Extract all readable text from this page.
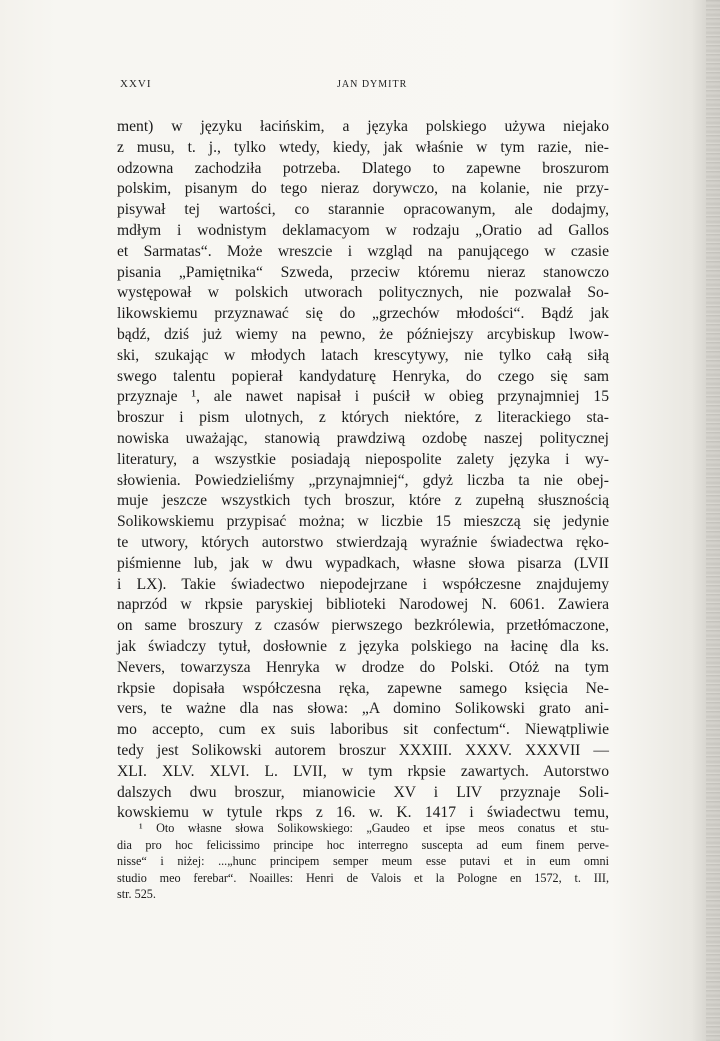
XXVI	JAN DYMITR
ment) w języku łacińskim, a języka polskiego używa niejako
z musu, t. j., tylko wtedy, kiedy, jak właśnie w tym razie, nie-
odzowna zachodziła potrzeba. Dlatego to zapewne broszurom
polskim, pisanym do tego nieraz dorywczo, na kolanie, nie przy-
pisywał tej wartości, co starannie opracowanym, ale dodajmy,
mdłym i wodnistym deklamacyom w rodzaju „Oratio ad Gallos
et Sarmatas“. Może wreszcie i wzgląd na panującego w czasie
pisania „Pamiętnika“ Szweda, przeciw któremu nieraz stanowczo
występował w polskich utworach politycznych, nie pozwalał So-
likowskiemu przyznawać się do „grzechów młodości“. Bądź jak
bądź, dziś już wiemy na pewno, że późniejszy arcybiskup lwow-
ski, szukając w młodych latach krescytywy, nie tylko całą siłą
swego talentu popierał kandydaturę Henryka, do czego się sam
przyznaje ¹, ale nawet napisał i puścił w obieg przynajmniej 15
broszur i pism ulotnych, z których niektóre, z literackiego sta-
nowiska uważając, stanowią prawdziwą ozdobę naszej politycznej
literatury, a wszystkie posiadają niepospolite zalety języka i wy-
słowienia. Powiedzieliśmy „przynajmniej“, gdyż liczba ta nie obej-
muje jeszcze wszystkich tych broszur, które z zupełną słusznością
Solikowskiemu przypisać można; w liczbie 15 mieszczą się jedynie
te utwory, których autorstwo stwierdzają wyraźnie świadectwa ręko-
piśmienne lub, jak w dwu wypadkach, własne słowa pisarza (LVII
i LX). Takie świadectwo niepodejrzane i współczesne znajdujemy
naprzód w rkpsie paryskiej biblioteki Narodowej N. 6061. Zawiera
on same broszury z czasów pierwszego bezkrólewia, przetłómaczone,
jak świadczy tytuł, dosłownie z języka polskiego na łacinę dla ks.
Nevers, towarzysza Henryka w drodze do Polski. Otóż na tym
rkpsie dopisała współczesna ręka, zapewne samego księcia Ne-
vers, te ważne dla nas słowa: „A domino Solikowski grato ani-
mo accepto, cum ex suis laboribus sit confectum“. Niewątpliwie
tedy jest Solikowski autorem broszur XXXIII. XXXV. XXXVII —
XLI. XLV. XLVI. L. LVII, w tym rkpsie zawartych. Autorstwo
dalszych dwu broszur, mianowicie XV i LIV przyznaje Soli-
kowskiemu w tytule rkps z 16. w. K. 1417 i świadectwu temu,
¹ Oto własne słowa Solikowskiego: „Gaudeo et ipse meos conatus et stu-
dia pro hoc felicissimo principe hoc interregno suscepta ad eum finem perve-
nisse“ i niżej: ...„hunc principem semper meum esse putavi et in eum omni
studio meo ferebar“. Noailles: Henri de Valois et la Pologne en 1572, t. III,
str. 525.
